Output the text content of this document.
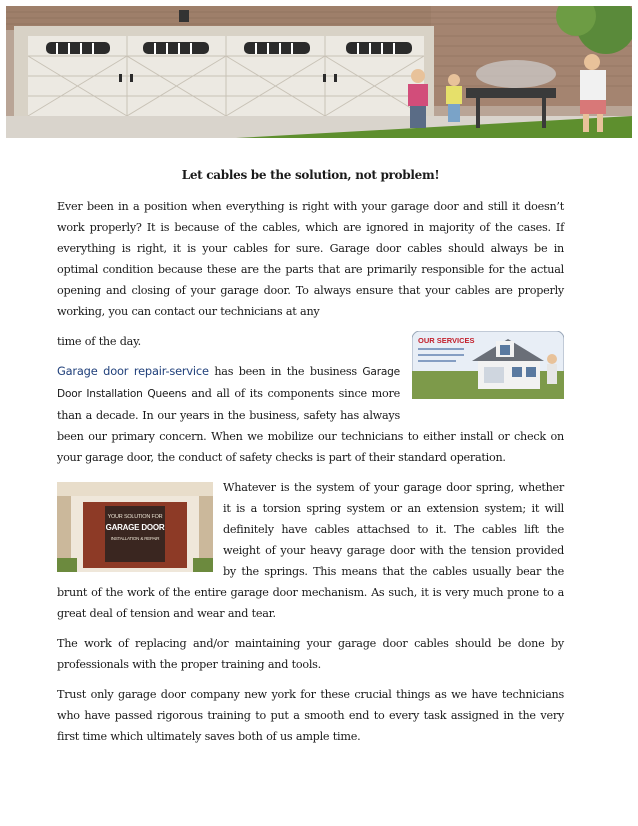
Let cables be the solution, not problem!

Ever been in a position when everything is right with your garage door and still it doesn’t work properly? It is because of the cables, which are ignored in majority of the cases. If everything is right, it is your cables for sure. Garage door cables should always be in optimal condition because these are the parts that are primarily responsible for the actual opening and closing of your garage door. To always ensure that your cables are properly working, you can contact our technicians at any

OUR SERVICES

time of the day.

Garage door repair-service has been in the business Garage Door Installation Queens and all of its components since more than a decade. In our years in the business, safety has always been our primary concern. When we mobilize our technicians to either install or check on your garage door, the conduct of safety checks is part of their standard operation.

YOUR SOLUTION FOR
GARAGE DOOR
INSTALLATION & REPAIR
Whatever is the system of your garage door spring, whether it is a torsion spring system or an extension system; it will definitely have cables attachsed to it. The cables lift the weight of your heavy garage door with the tension provided by the springs. This means that the cables usually bear the brunt of the work of the entire garage door mechanism. As such, it is very much prone to a great deal of tension and wear and tear.

The work of replacing and/or maintaining your garage door cables should be done by professionals with the proper training and tools.

Trust only garage door company new york for these crucial things as we have technicians who have passed rigorous training to put a smooth end to every task assigned in the very first time which ultimately saves both of us ample time.
